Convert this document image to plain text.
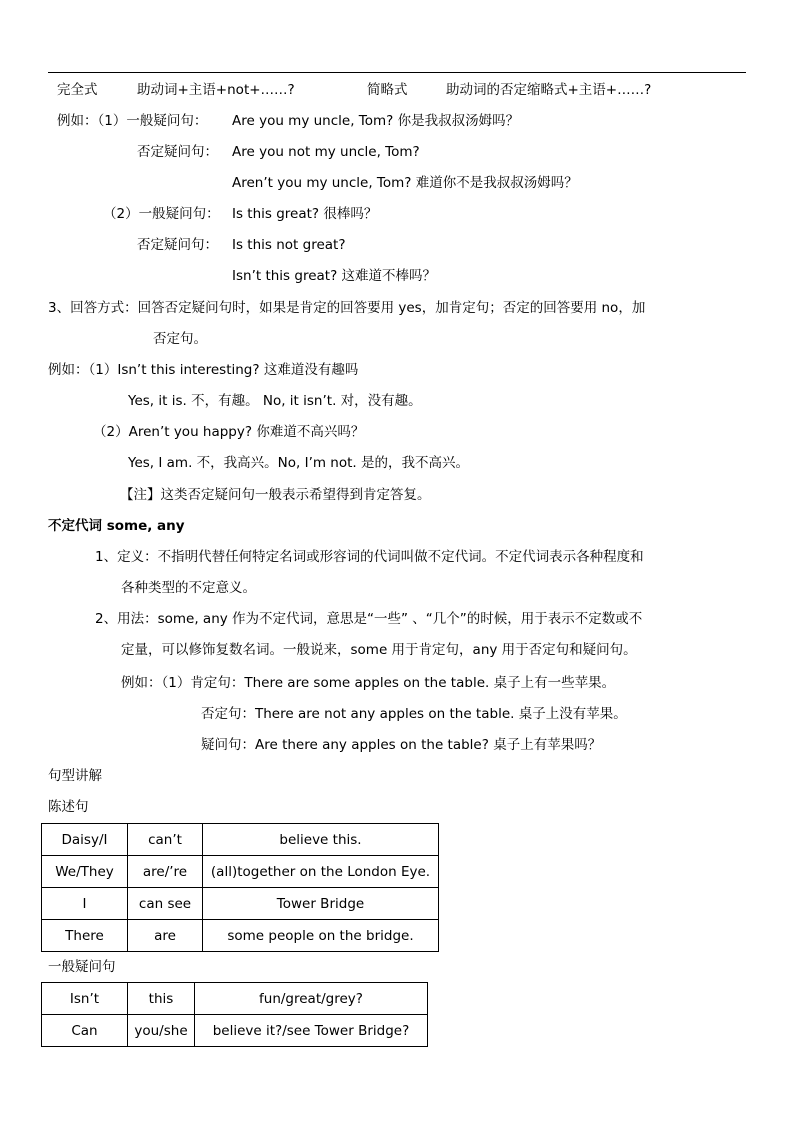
完全式	助动词+主语+not+……?	简略式	助动词的否定缩略式+主语+……?
例如：（1）一般疑问句： Are you my uncle, Tom? 你是我叔叔汤姆吗？
否定疑问句： Are you not my uncle, Tom?
Aren’t you my uncle, Tom? 难道你不是我叔叔汤姆吗？
（2）一般疑问句： Is this great? 很棒吗？
否定疑问句： Is this not great?
Isn’t this great? 这难道不棒吗？
3、回答方式：回答否定疑问句时，如果是肯定的回答要用 yes，加肯定句；否定的回答要用 no，加
否定句。
例如：（1）Isn’t this interesting? 这难道没有趣吗
Yes, it is. 不，有趣。 No, it isn’t. 对，没有趣。
（2）Aren’t you happy? 你难道不高兴吗？
Yes, I am. 不，我高兴。No, I’m not. 是的，我不高兴。
【注】这类否定疑问句一般表示希望得到肯定答复。
不定代词 some, any
1、定义：不指明代替任何特定名词或形容词的代词叫做不定代词。不定代词表示各种程度和
各种类型的不定意义。
2、用法：some, any 作为不定代词，意思是“一些” 、“几个”的时候，用于表示不定数或不
定量，可以修饰复数名词。一般说来，some 用于肯定句，any 用于否定句和疑问句。
例如：（1）肯定句：There are some apples on the table. 桌子上有一些苹果。
否定句：There are not any apples on the table. 桌子上没有苹果。
疑问句：Are there any apples on the table? 桌子上有苹果吗？
句型讲解
陈述句
Daisy/I	can’t	believe this.
We/They	are/’re	(all)together on the London Eye.
I	can see	Tower Bridge
There	are	some people on the bridge.
一般疑问句
Isn’t	this	fun/great/grey?
Can	you/she	believe it?/see Tower Bridge?
